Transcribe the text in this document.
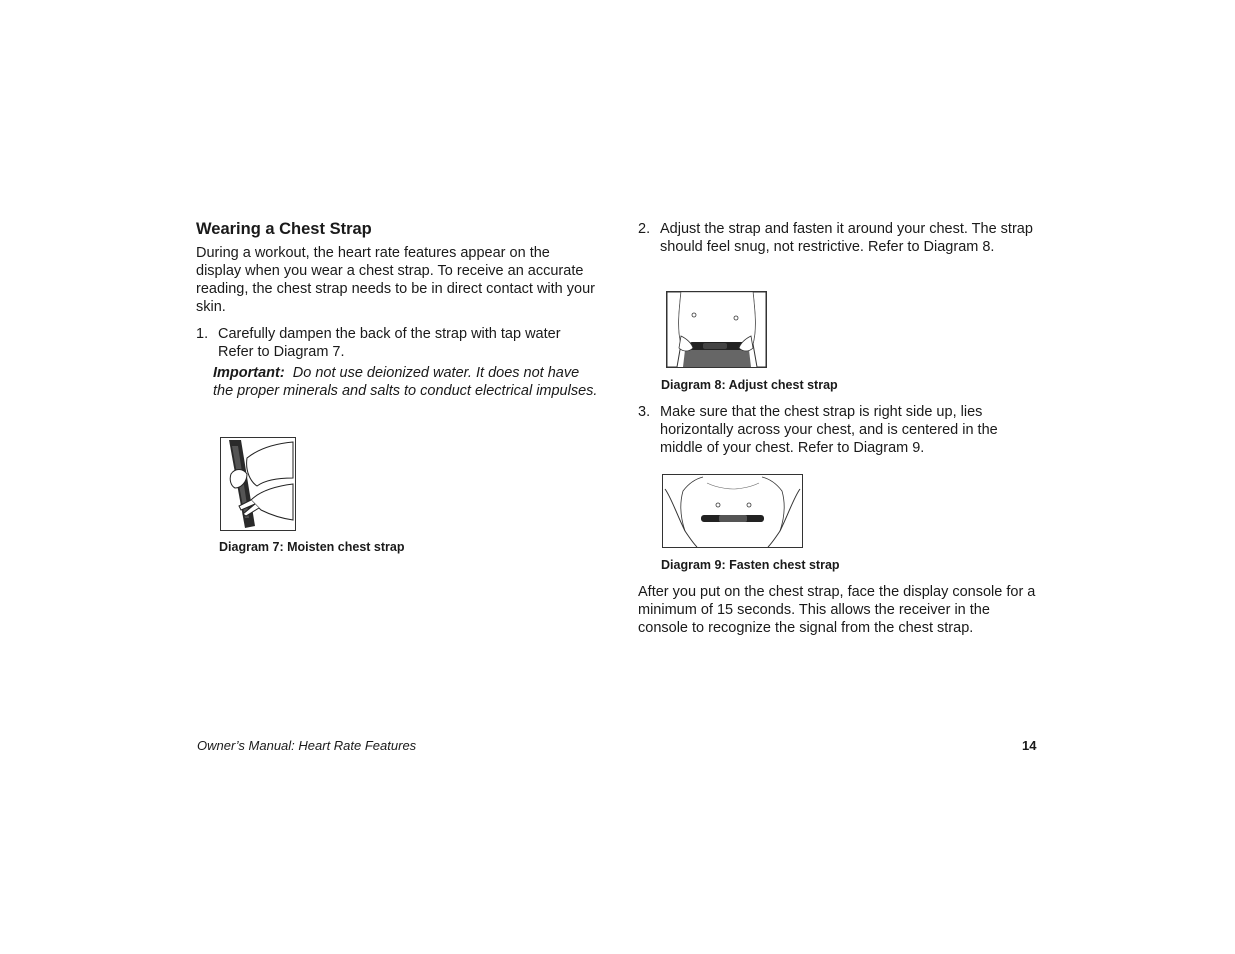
Wearing a Chest Strap
During a workout, the heart rate features appear on the display when you wear a chest strap. To receive an accurate reading, the chest strap needs to be in direct contact with your skin.
1. Carefully dampen the back of the strap with tap water Refer to Diagram 7.
Important: Do not use deionized water. It does not have the proper minerals and salts to conduct electrical impulses.
Diagram 7: Moisten chest strap
2. Adjust the strap and fasten it around your chest. The strap should feel snug, not restrictive. Refer to Diagram 8.
Diagram 8: Adjust chest strap
3. Make sure that the chest strap is right side up, lies horizontally across your chest, and is centered in the middle of your chest. Refer to Diagram 9.
Diagram 9: Fasten chest strap
After you put on the chest strap, face the display console for a minimum of 15 seconds. This allows the receiver in the console to recognize the signal from the chest strap.
Owner’s Manual: Heart Rate Features	14
